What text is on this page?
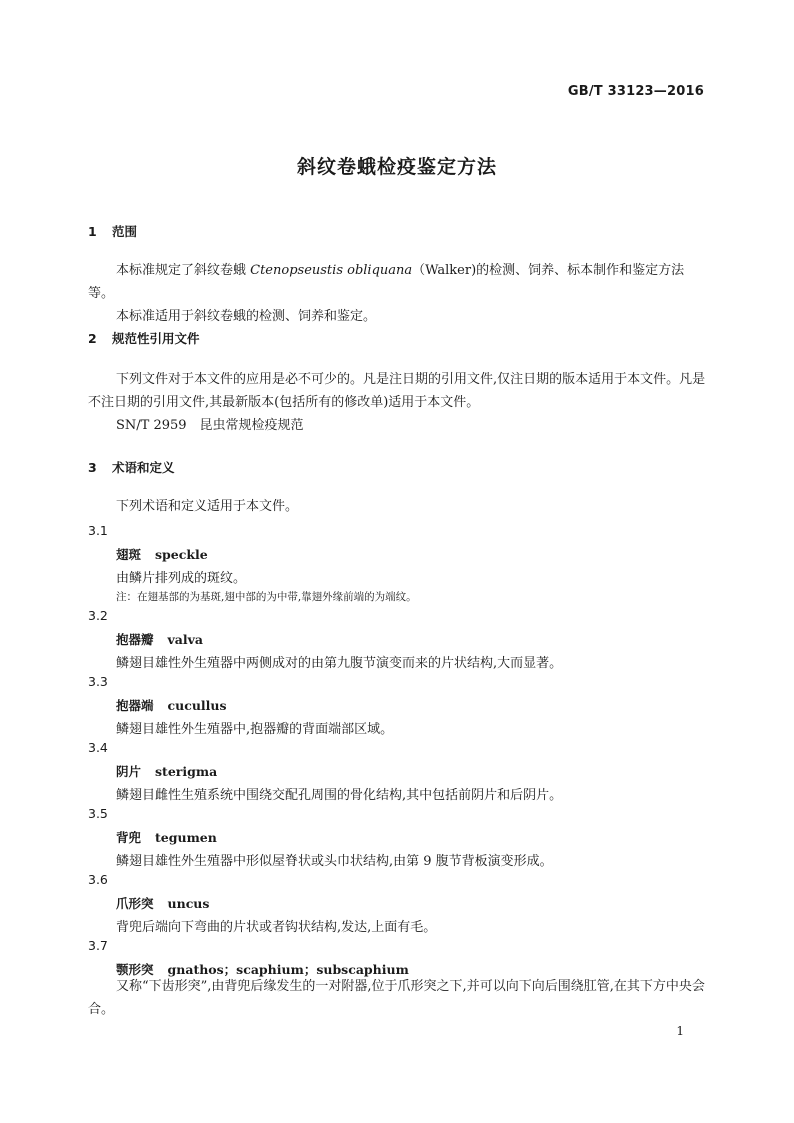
GB/T 33123—2016
斜纹卷蛾检疫鉴定方法
1 范围

本标准规定了斜纹卷蛾 Ctenopseustis obliquana（Walker)的检测、饲养、标本制作和鉴定方法等。

本标准适用于斜纹卷蛾的检测、饲养和鉴定。

2 规范性引用文件

下列文件对于本文件的应用是必不可少的。凡是注日期的引用文件,仅注日期的版本适用于本文件。凡是不注日期的引用文件,其最新版本(包括所有的修改单)适用于本文件。

SN/T 2959　昆虫常规检疫规范

3 术语和定义

下列术语和定义适用于本文件。

3.1
翅斑 speckle
由鳞片排列成的斑纹。
注：在翅基部的为基斑,翅中部的为中带,靠翅外缘前端的为端纹。
3.2
抱器瓣 valva
鳞翅目雄性外生殖器中两侧成对的由第九腹节演变而来的片状结构,大而显著。
3.3
抱器端 cucullus
鳞翅目雄性外生殖器中,抱器瓣的背面端部区域。
3.4
阴片 sterigma
鳞翅目雌性生殖系统中围绕交配孔周围的骨化结构,其中包括前阴片和后阴片。
3.5
背兜 tegumen
鳞翅目雄性外生殖器中形似屋脊状或头巾状结构,由第 9 腹节背板演变形成。
3.6
爪形突 uncus
背兜后端向下弯曲的片状或者钩状结构,发达,上面有毛。
3.7
颚形突 gnathos；scaphium；subscaphium

又称“下齿形突”,由背兜后缘发生的一对附器,位于爪形突之下,并可以向下向后围绕肛管,在其下方中央会合。

1
